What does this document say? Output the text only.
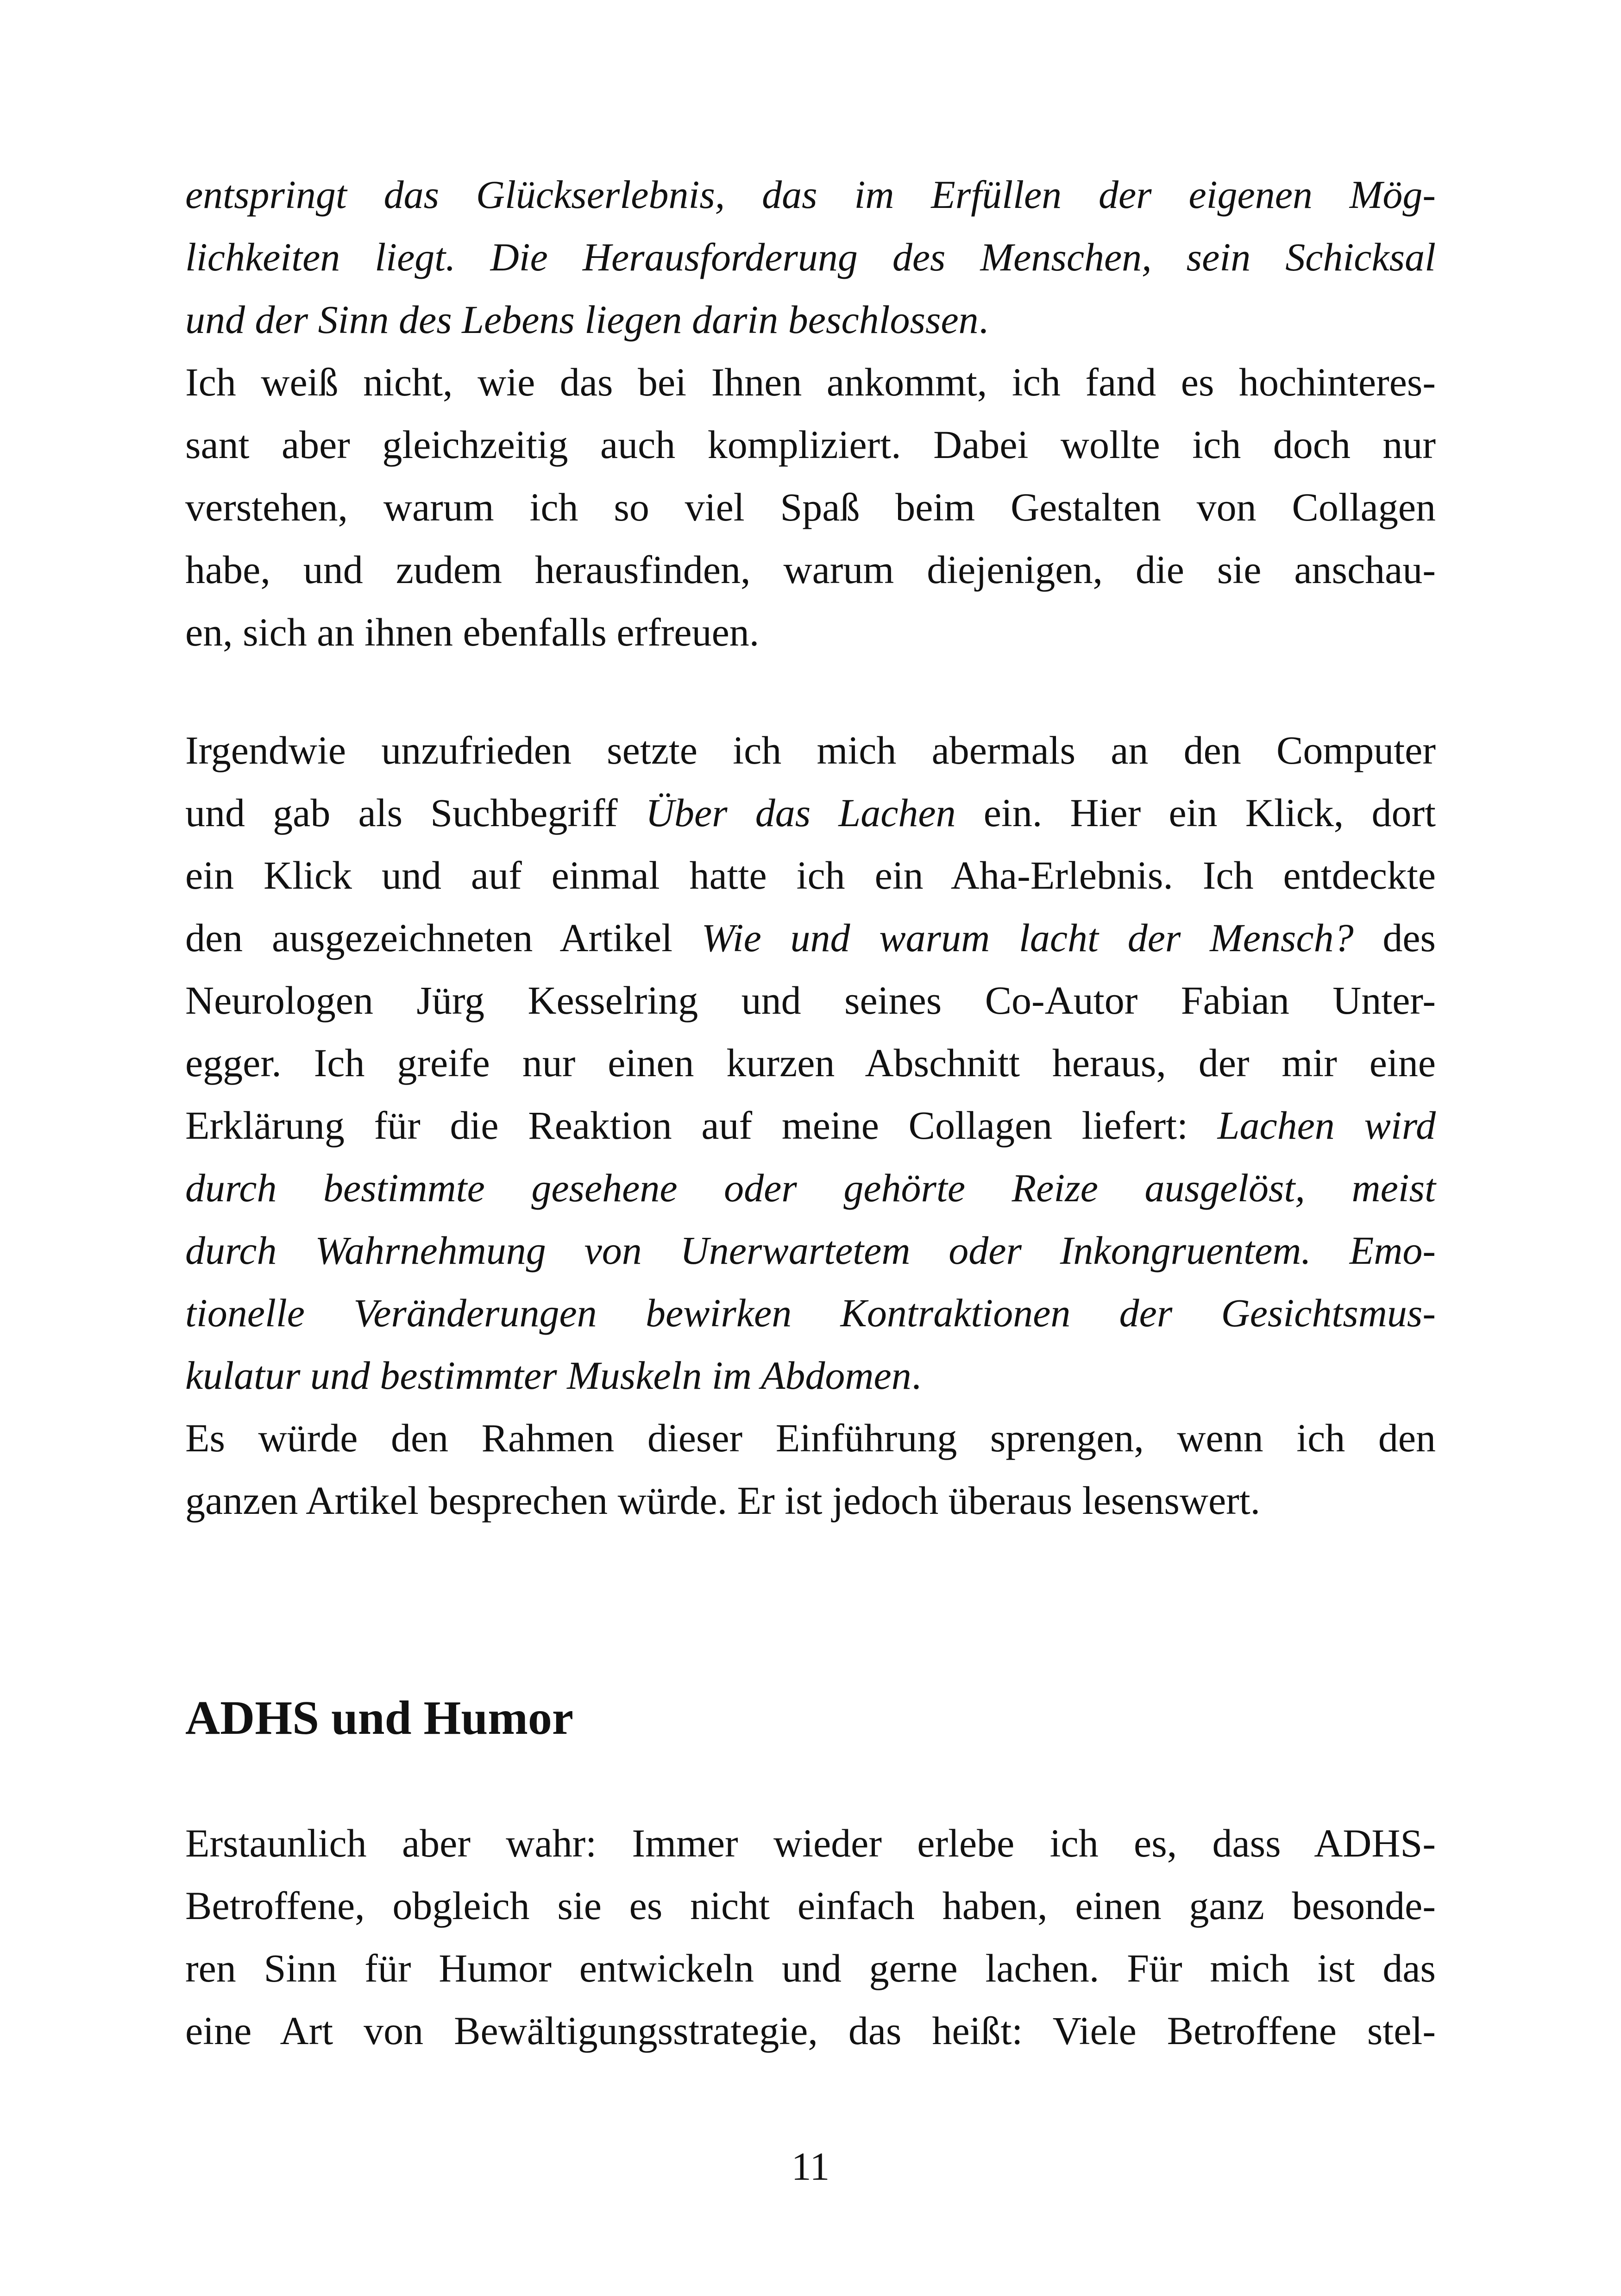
entspringt das Glückserlebnis, das im Erfüllen der eigenen Mög-
lichkeiten liegt. Die Herausforderung des Menschen, sein Schicksal
und der Sinn des Lebens liegen darin beschlossen.
Ich weiß nicht, wie das bei Ihnen ankommt, ich fand es hochinteres-
sant aber gleichzeitig auch kompliziert. Dabei wollte ich doch nur
verstehen, warum ich so viel Spaß beim Gestalten von Collagen
habe, und zudem herausfinden, warum diejenigen, die sie anschau-
en, sich an ihnen ebenfalls erfreuen.
Irgendwie unzufrieden setzte ich mich abermals an den Computer
und gab als Suchbegriff Über das Lachen ein. Hier ein Klick, dort
ein Klick und auf einmal hatte ich ein Aha-Erlebnis. Ich entdeckte
den ausgezeichneten Artikel Wie und warum lacht der Mensch? des
Neurologen Jürg Kesselring und seines Co-Autor Fabian Unter-
egger. Ich greife nur einen kurzen Abschnitt heraus, der mir eine
Erklärung für die Reaktion auf meine Collagen liefert: Lachen wird
durch bestimmte gesehene oder gehörte Reize ausgelöst, meist
durch Wahrnehmung von Unerwartetem oder Inkongruentem. Emo-
tionelle Veränderungen bewirken Kontraktionen der Gesichtsmus-
kulatur und bestimmter Muskeln im Abdomen.
Es würde den Rahmen dieser Einführung sprengen, wenn ich den
ganzen Artikel besprechen würde. Er ist jedoch überaus lesenswert.
ADHS und Humor
Erstaunlich aber wahr: Immer wieder erlebe ich es, dass ADHS-
Betroffene, obgleich sie es nicht einfach haben, einen ganz besonde-
ren Sinn für Humor entwickeln und gerne lachen. Für mich ist das
eine Art von Bewältigungsstrategie, das heißt: Viele Betroffene stel-
11
